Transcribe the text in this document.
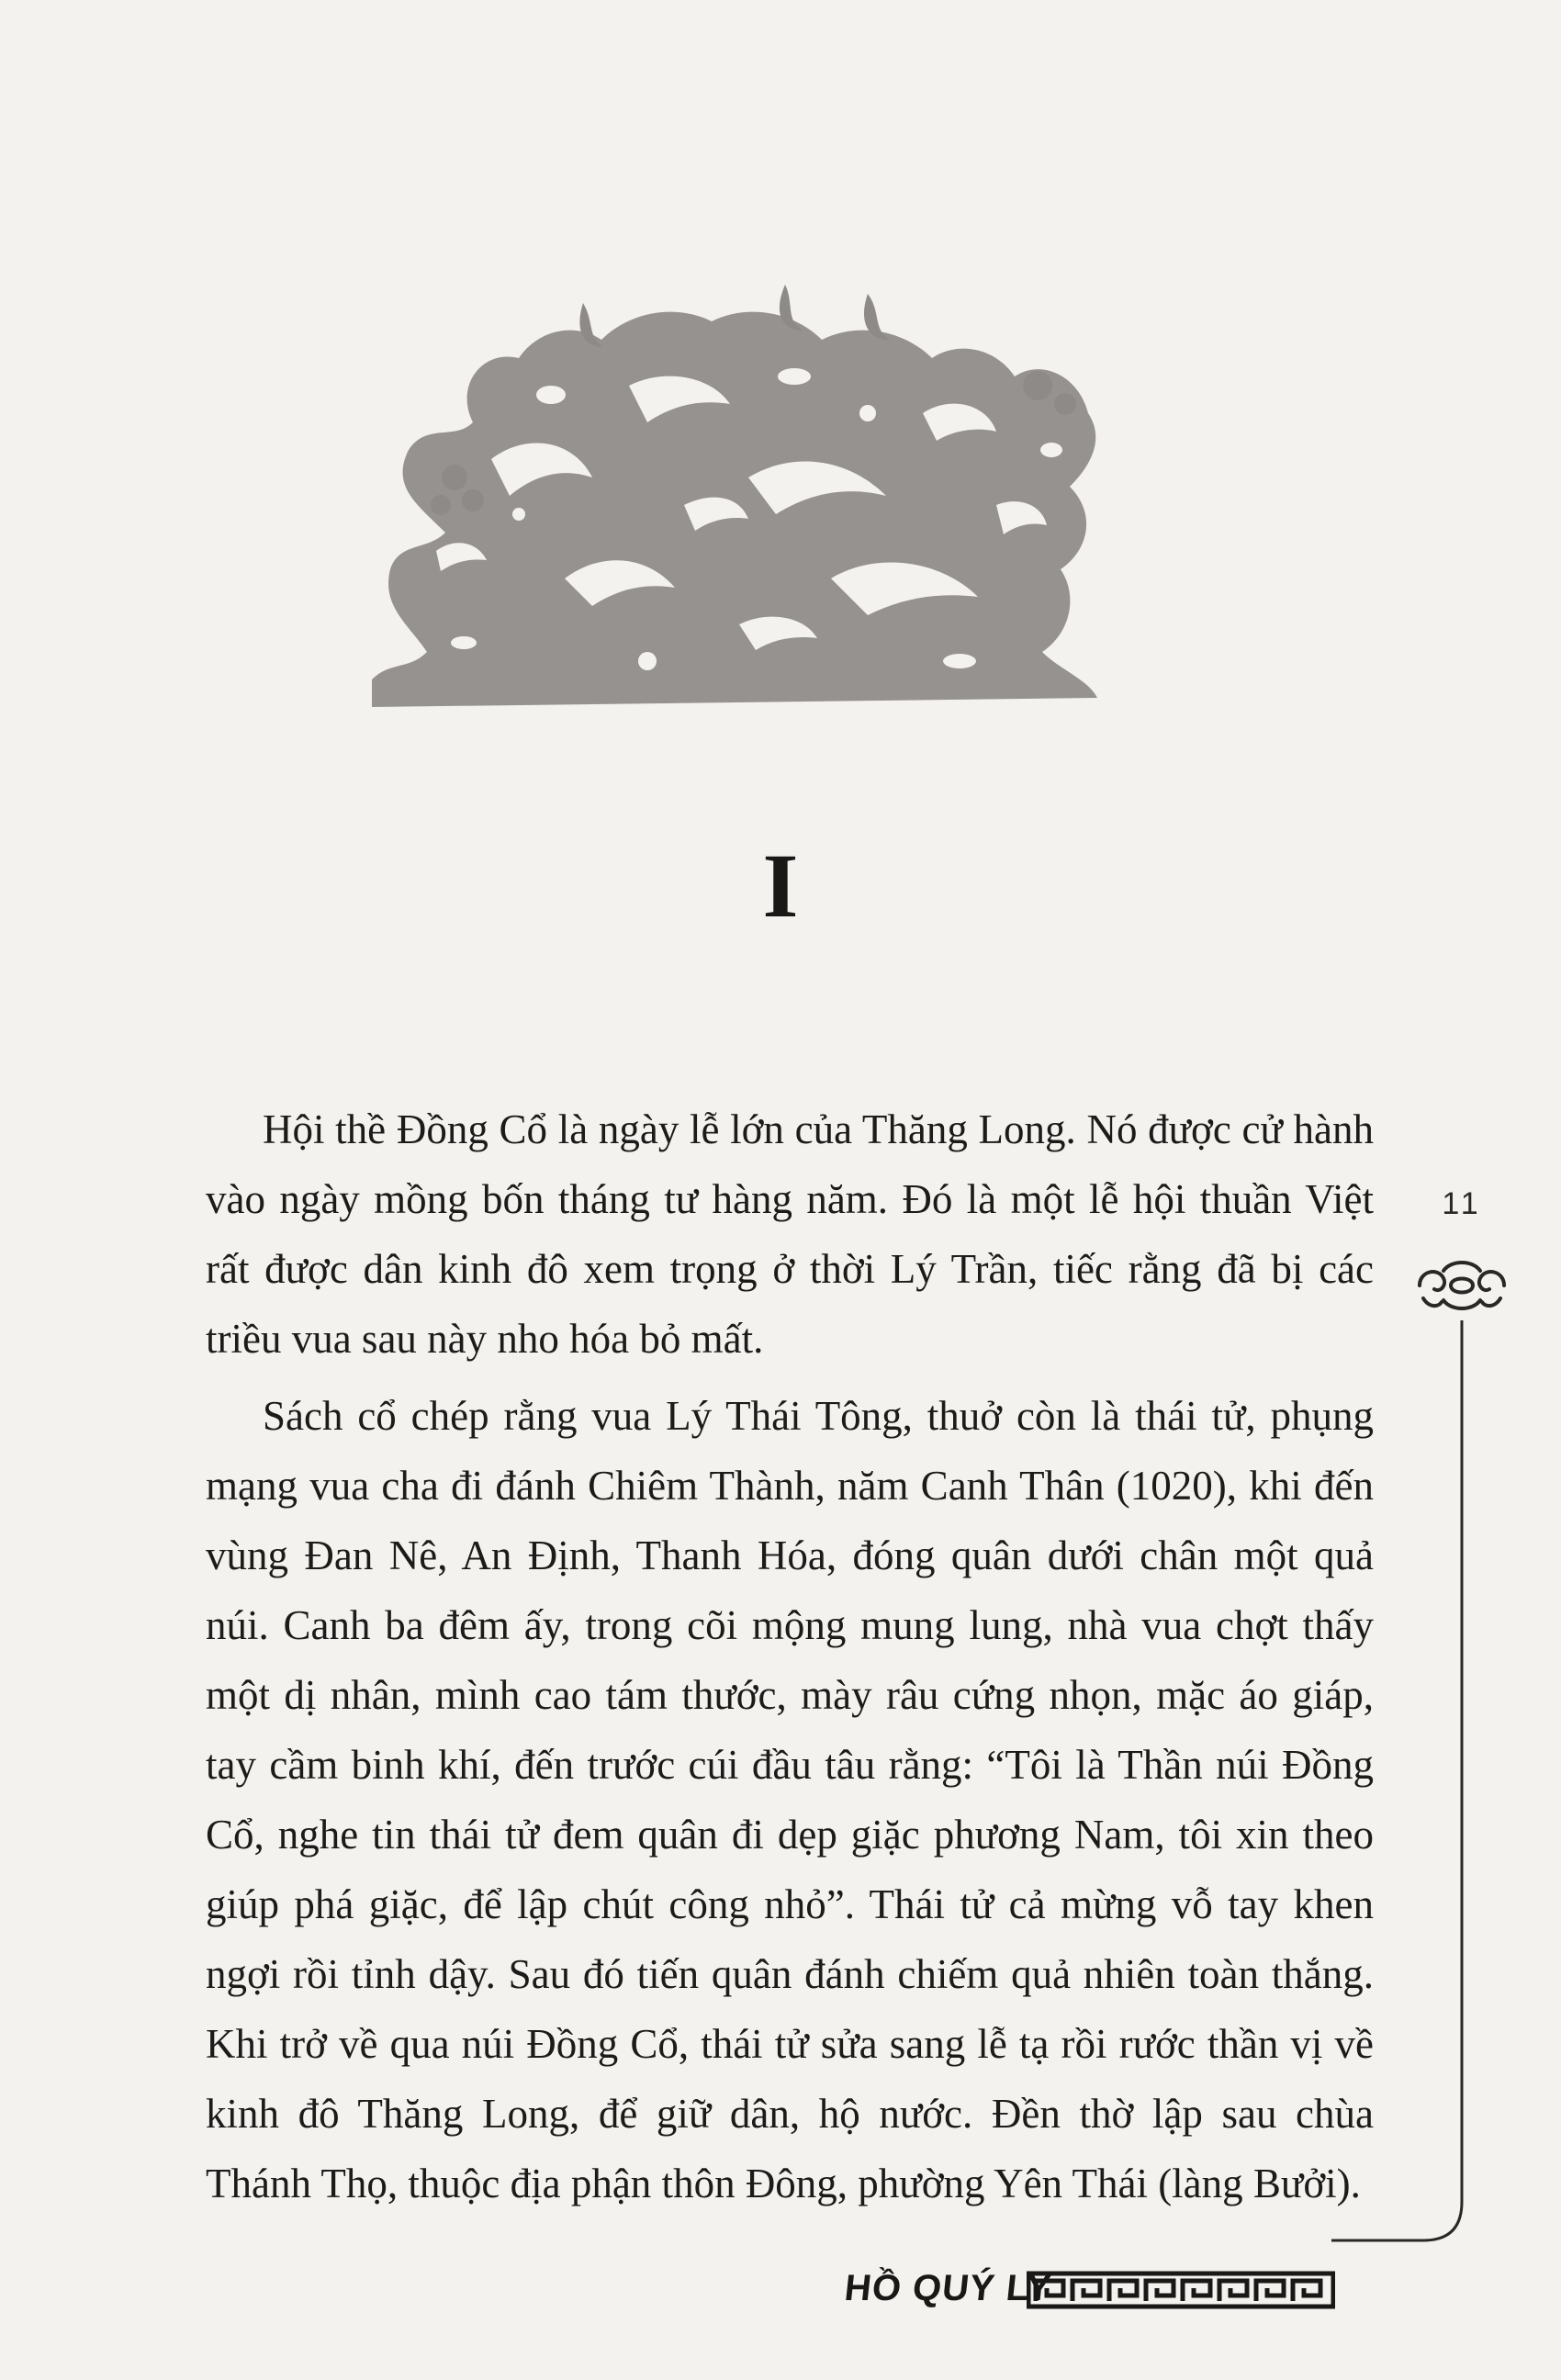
I

Hội thề Đồng Cổ là ngày lễ lớn của Thăng Long. Nó được cử hành vào ngày mồng bốn tháng tư hàng năm. Đó là một lễ hội thuần Việt rất được dân kinh đô xem trọng ở thời Lý Trần, tiếc rằng đã bị các triều vua sau này nho hóa bỏ mất.

Sách cổ chép rằng vua Lý Thái Tông, thuở còn là thái tử, phụng mạng vua cha đi đánh Chiêm Thành, năm Canh Thân (1020), khi đến vùng Đan Nê, An Định, Thanh Hóa, đóng quân dưới chân một quả núi. Canh ba đêm ấy, trong cõi mộng mung lung, nhà vua chợt thấy một dị nhân, mình cao tám thước, mày râu cứng nhọn, mặc áo giáp, tay cầm binh khí, đến trước cúi đầu tâu rằng: “Tôi là Thần núi Đồng Cổ, nghe tin thái tử đem quân đi dẹp giặc phương Nam, tôi xin theo giúp phá giặc, để lập chút công nhỏ”. Thái tử cả mừng vỗ tay khen ngợi rồi tỉnh dậy. Sau đó tiến quân đánh chiếm quả nhiên toàn thắng. Khi trở về qua núi Đồng Cổ, thái tử sửa sang lễ tạ rồi rước thần vị về kinh đô Thăng Long, để giữ dân, hộ nước. Đền thờ lập sau chùa Thánh Thọ, thuộc địa phận thôn Đông, phường Yên Thái (làng Bưởi).

11
HỒ QUÝ LY
